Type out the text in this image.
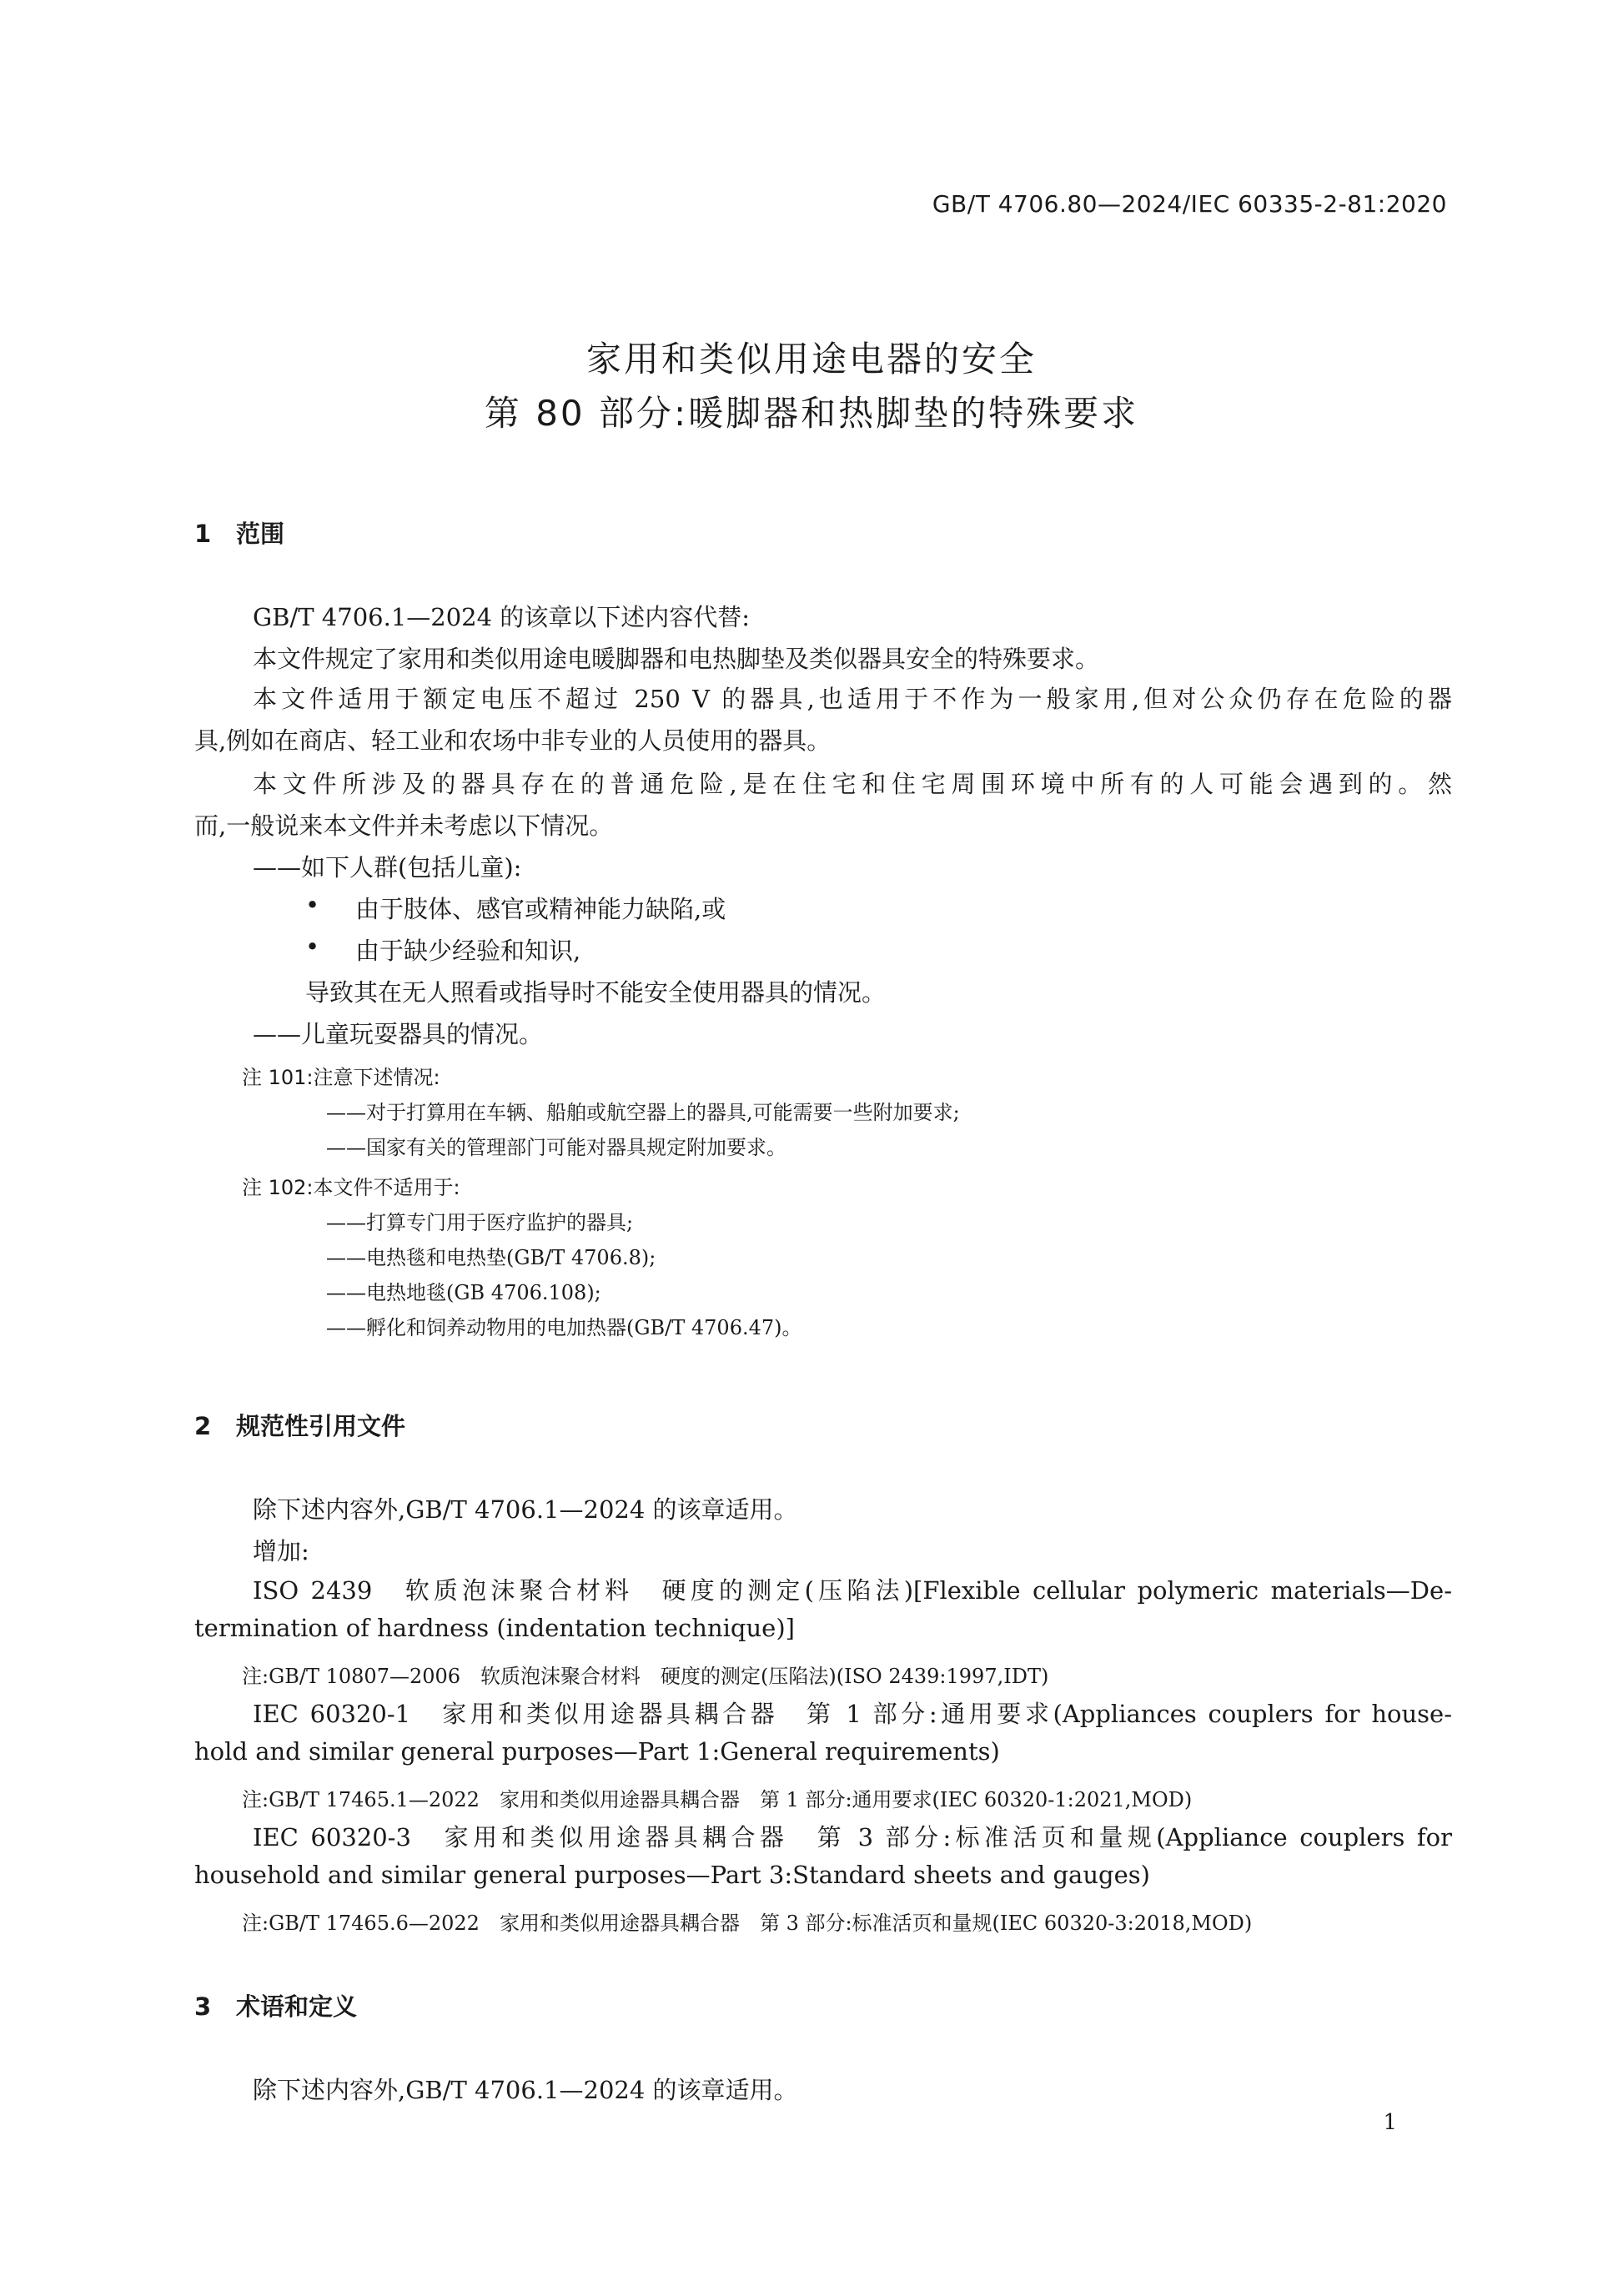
GB/T 4706.80—2024/IEC 60335-2-81:2020
家用和类似用途电器的安全
第 80 部分:暖脚器和热脚垫的特殊要求
1 范围
GB/T 4706.1—2024 的该章以下述内容代替:
本文件规定了家用和类似用途电暖脚器和电热脚垫及类似器具安全的特殊要求。
本文件适用于额定电压不超过 250 V 的器具,也适用于不作为一般家用,但对公众仍存在危险的器
具,例如在商店、轻工业和农场中非专业的人员使用的器具。
本文件所涉及的器具存在的普通危险,是在住宅和住宅周围环境中所有的人可能会遇到的。然
而,一般说来本文件并未考虑以下情况。
——如下人群(包括儿童):
• 由于肢体、感官或精神能力缺陷,或
• 由于缺少经验和知识,
导致其在无人照看或指导时不能安全使用器具的情况。
——儿童玩耍器具的情况。
注 101:注意下述情况:
——对于打算用在车辆、船舶或航空器上的器具,可能需要一些附加要求;
——国家有关的管理部门可能对器具规定附加要求。
注 102:本文件不适用于:
——打算专门用于医疗监护的器具;
——电热毯和电热垫(GB/T 4706.8);
——电热地毯(GB 4706.108);
——孵化和饲养动物用的电加热器(GB/T 4706.47)。
2 规范性引用文件
除下述内容外,GB/T 4706.1—2024 的该章适用。
增加:
ISO 2439　软质泡沫聚合材料　硬度的测定(压陷法)[Flexible cellular polymeric materials—De-
termination of hardness (indentation technique)]
注:GB/T 10807—2006　软质泡沫聚合材料　硬度的测定(压陷法)(ISO 2439:1997,IDT)
IEC 60320-1　家用和类似用途器具耦合器　第 1 部分:通用要求(Appliances couplers for house-
hold and similar general purposes—Part 1:General requirements)
注:GB/T 17465.1—2022　家用和类似用途器具耦合器　第 1 部分:通用要求(IEC 60320-1:2021,MOD)
IEC 60320-3　家用和类似用途器具耦合器　第 3 部分:标准活页和量规(Appliance couplers for
household and similar general purposes—Part 3:Standard sheets and gauges)
注:GB/T 17465.6—2022　家用和类似用途器具耦合器　第 3 部分:标准活页和量规(IEC 60320-3:2018,MOD)
3 术语和定义
除下述内容外,GB/T 4706.1—2024 的该章适用。
1
